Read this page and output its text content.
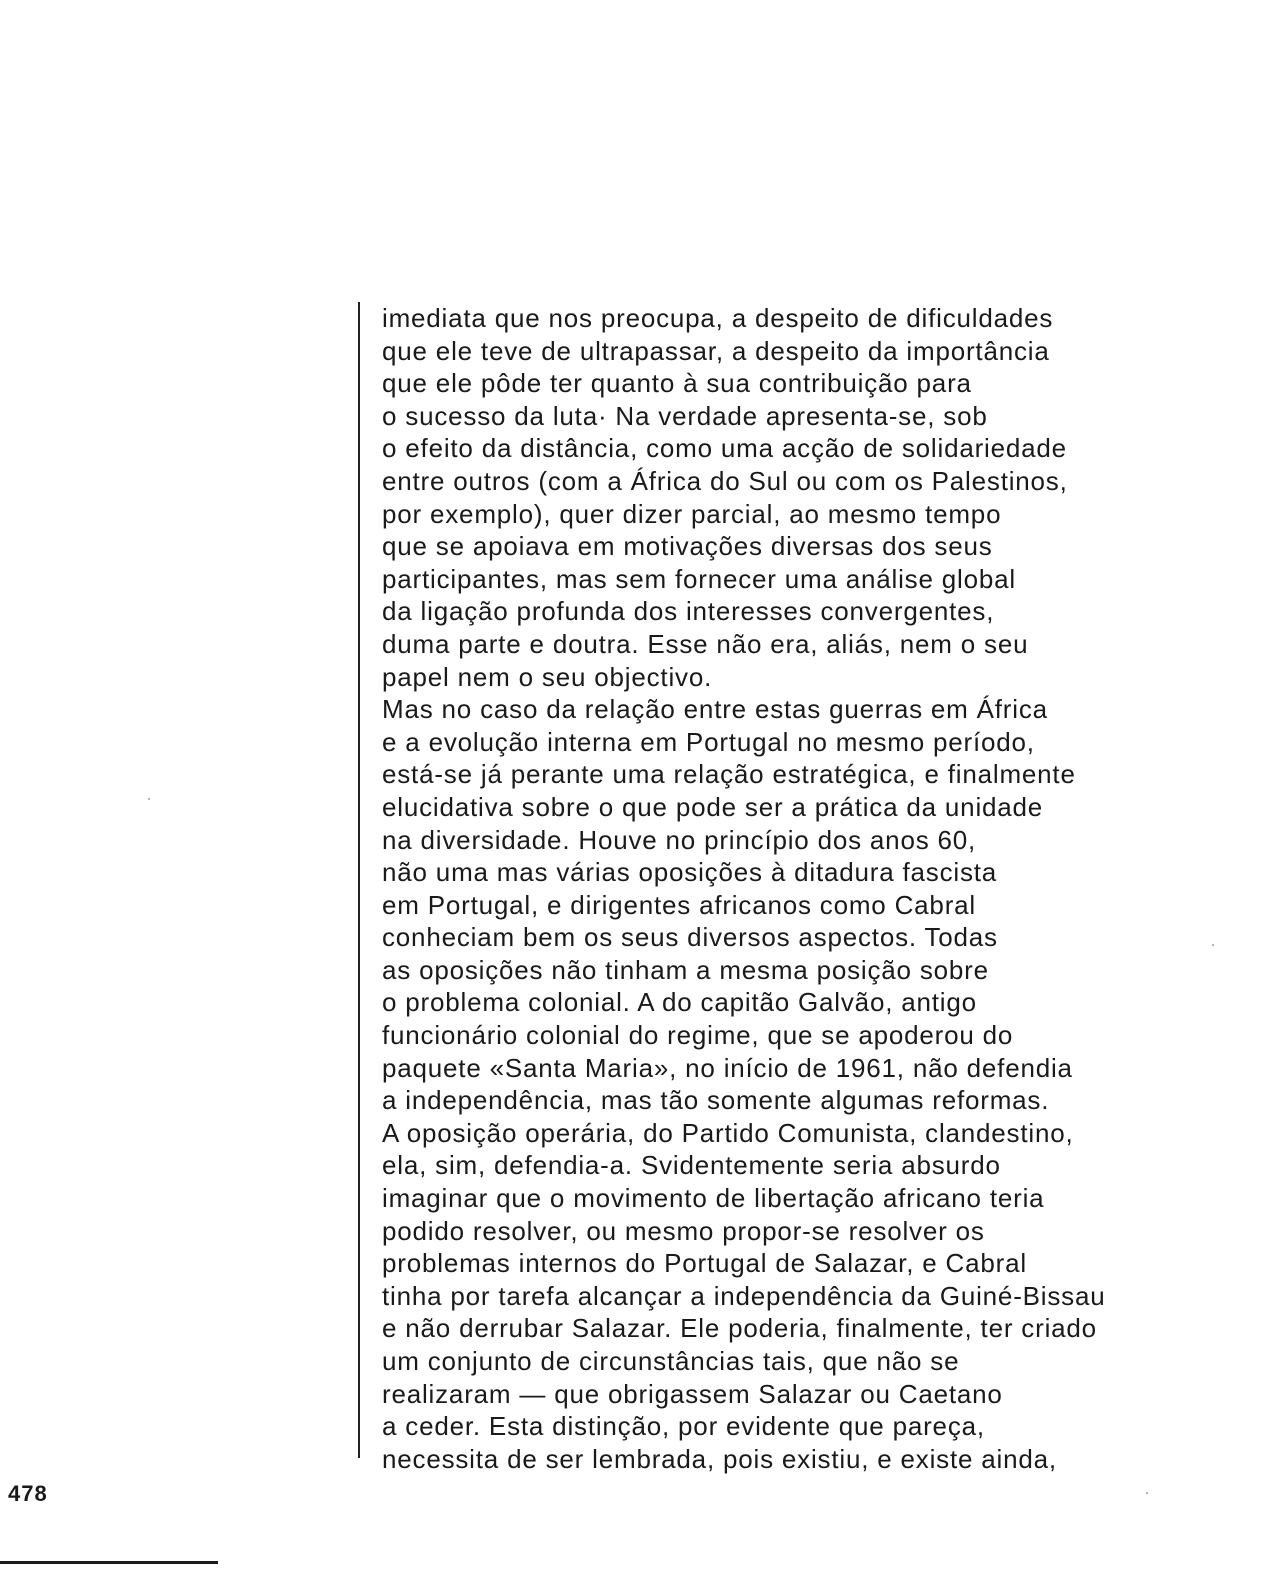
imediata que nos preocupa, a despeito de dificuldades
que ele teve de ultrapassar, a despeito da importância
que ele pôde ter quanto à sua contribuição para
o sucesso da luta· Na verdade apresenta-se, sob
o efeito da distância, como uma acção de solidariedade
entre outros (com a África do Sul ou com os Palestinos,
por exemplo), quer dizer parcial, ao mesmo tempo
que se apoiava em motivações diversas dos seus
participantes, mas sem fornecer uma análise global
da ligação profunda dos interesses convergentes,
duma parte e doutra. Esse não era, aliás, nem o seu
papel nem o seu objectivo.
Mas no caso da relação entre estas guerras em África
e a evolução interna em Portugal no mesmo período,
está-se já perante uma relação estratégica, e finalmente
elucidativa sobre o que pode ser a prática da unidade
na diversidade. Houve no princípio dos anos 60,
não uma mas várias oposições à ditadura fascista
em Portugal, e dirigentes africanos como Cabral
conheciam bem os seus diversos aspectos. Todas
as oposições não tinham a mesma posição sobre
o problema colonial. A do capitão Galvão, antigo
funcionário colonial do regime, que se apoderou do
paquete «Santa Maria», no início de 1961, não defendia
a independência, mas tão somente algumas reformas.
A oposição operária, do Partido Comunista, clandestino,
ela, sim, defendia-a. Svidentemente seria absurdo
imaginar que o movimento de libertação africano teria
podido resolver, ou mesmo propor-se resolver os
problemas internos do Portugal de Salazar, e Cabral
tinha por tarefa alcançar a independência da Guiné-Bissau
e não derrubar Salazar. Ele poderia, finalmente, ter criado
um conjunto de circunstâncias tais, que não se
realizaram — que obrigassem Salazar ou Caetano
a ceder. Esta distinção, por evidente que pareça,
necessita de ser lembrada, pois existiu, e existe ainda,
478
